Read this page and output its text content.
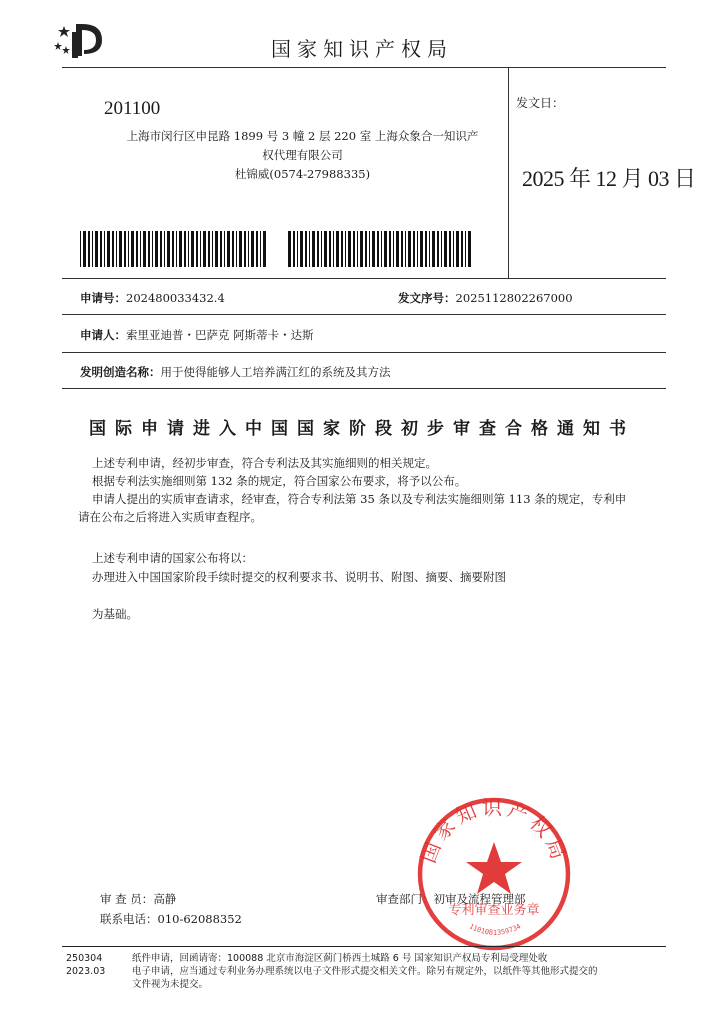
国家知识产权局
201100
上海市闵行区申昆路 1899 号 3 幢 2 层 220 室 上海众象合一知识产
权代理有限公司
杜锦威(0574-27988335)
发文日：
2025 年 12 月 03 日
申请号：202480033432.4	发文序号：2025112802267000
申请人：索里亚迪普・巴萨克 阿斯蒂卡・达斯
发明创造名称：用于使得能够人工培养满江红的系统及其方法
国际申请进入中国国家阶段初步审查合格通知书
上述专利申请，经初步审查，符合专利法及其实施细则的相关规定。
根据专利法实施细则第 132 条的规定，符合国家公布要求，将予以公布。
申请人提出的实质审查请求，经审查，符合专利法第 35 条以及专利法实施细则第 113 条的规定，专利申
请在公布之后将进入实质审查程序。
上述专利申请的国家公布将以：
办理进入中国国家阶段手续时提交的权利要求书、说明书、附图、摘要、摘要附图
为基础。
审 查 员：高静
联系电话：010-62088352
审查部门：初审及流程管理部
国家知识产权局
专利审查业务章
1101081359734
250304
2023.03
纸件申请，回函请寄：100088 北京市海淀区蓟门桥西土城路 6 号 国家知识产权局专利局受理处收
电子申请，应当通过专利业务办理系统以电子文件形式提交相关文件。除另有规定外，以纸件等其他形式提交的
文件视为未提交。
